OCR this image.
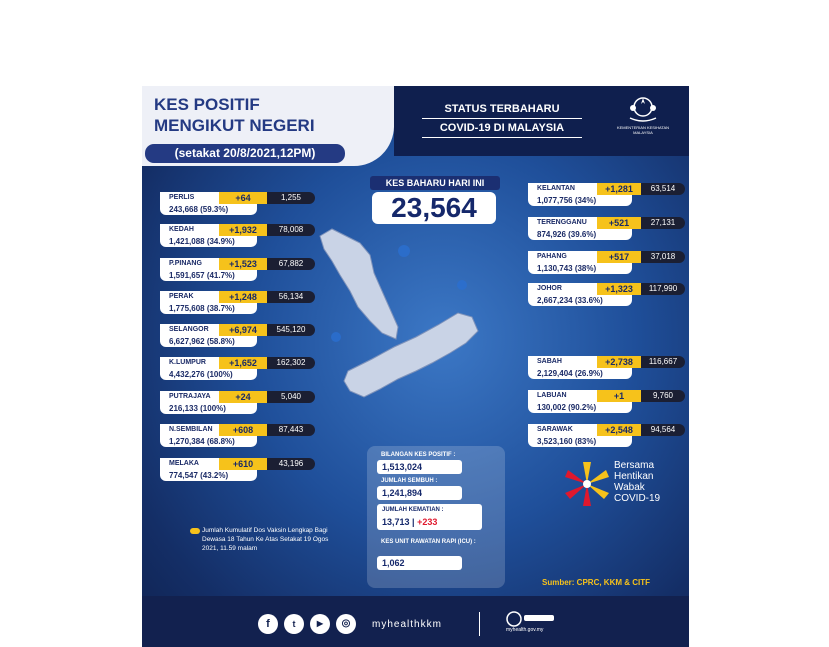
KES POSITIF
MENGIKUT NEGERI
(setakat 20/8/2021,12PM)
STATUS TERBAHARU
COVID-19 DI MALAYSIA	KEMENTERIAN KESIHATAN MALAYSIA
KES BAHARU HARI INI
23,564
PERLIS	+64	1,255
243,668 (59.3%)
KEDAH	+1,932	78,008
1,421,088 (34.9%)
P.PINANG	+1,523	67,882
1,591,657 (41.7%)
PERAK	+1,248	56,134
1,775,608 (38.7%)
SELANGOR	+6,974	545,120
6,627,962 (58.8%)
K.LUMPUR	+1,652	162,302
4,432,276 (100%)
PUTRAJAYA	+24	5,040
216,133 (100%)
N.SEMBILAN	+608	87,443
1,270,384 (68.8%)
MELAKA	+610	43,196
774,547 (43.2%)
KELANTAN	+1,281	63,514
1,077,756 (34%)
TERENGGANU	+521	27,131
874,926 (39.6%)
PAHANG	+517	37,018
1,130,743 (38%)
JOHOR	+1,323	117,990
2,667,234 (33.6%)
SABAH	+2,738	116,667
2,129,404 (26.9%)
LABUAN	+1	9,760
130,002 (90.2%)
SARAWAK	+2,548	94,564
3,523,160 (83%)
BILANGAN KES POSITIF :
1,513,024
JUMLAH SEMBUH :
1,241,894
JUMLAH KEMATIAN :
13,713 | +233
KES UNIT RAWATAN RAPI (ICU) :
1,062
Bersama
Hentikan
Wabak
COVID-19
Jumlah Kumulatif Dos Vaksin Lengkap Bagi Dewasa 18 Tahun Ke Atas Setakat 19 Ogos 2021, 11.59 malam
Sumber: CPRC, KKM & CITF
f	t	▶	◎	myhealthkkm	myhealth.gov.my
